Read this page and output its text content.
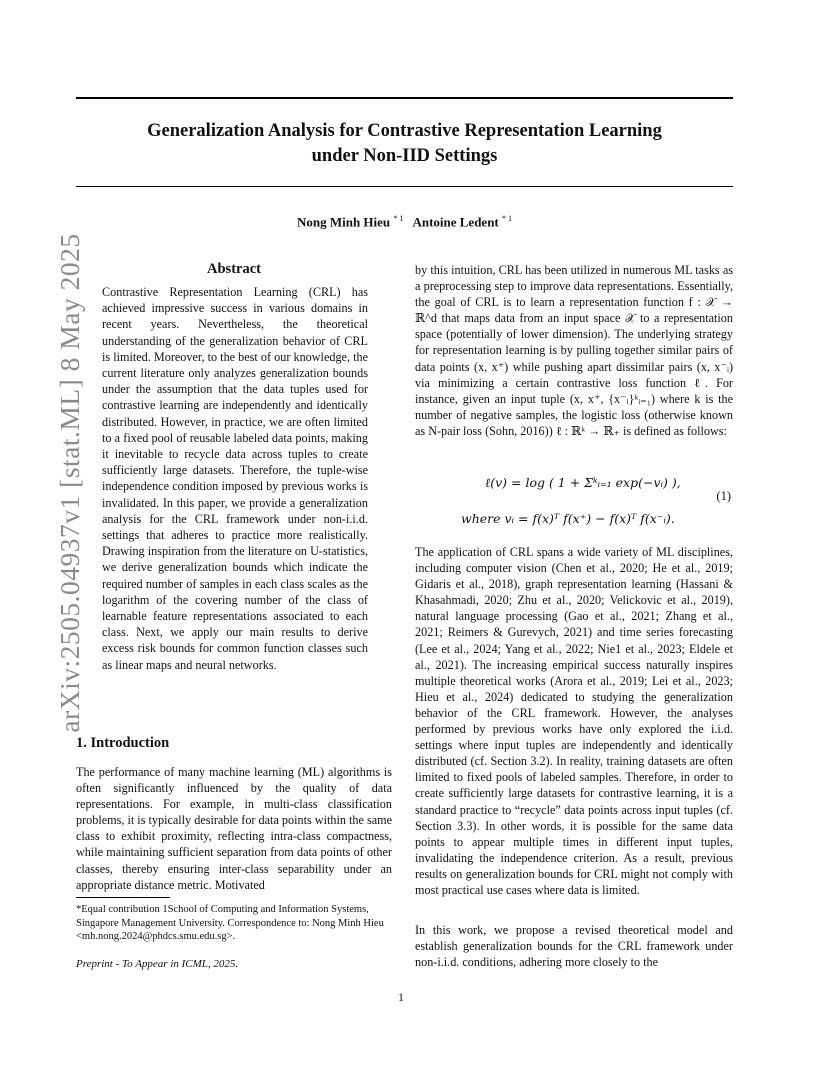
Generalization Analysis for Contrastive Representation Learning
under Non-IID Settings
Nong Minh Hieu $^{* 1}$ Antoine Ledent $^{* 1}$
arXiv:2505.04937v1 [stat.ML] 8 May 2025	Abstract
Contrastive Representation Learning (CRL) has achieved impressive success in various domains in recent years. Nevertheless, the theoretical understanding of the generalization behavior of CRL is limited. Moreover, to the best of our knowledge, the current literature only analyzes generalization bounds under the assumption that the data tuples used for contrastive learning are independently and identically distributed. However, in practice, we are often limited to a fixed pool of reusable labeled data points, making it inevitable to recycle data across tuples to create sufficiently large datasets. Therefore, the tuple-wise independence condition imposed by previous works is invalidated. In this paper, we provide a generalization analysis for the CRL framework under non-i.i.d. settings that adheres to practice more realistically. Drawing inspiration from the literature on U-statistics, we derive generalization bounds which indicate the required number of samples in each class scales as the logarithm of the covering number of the class of learnable feature representations associated to each class. Next, we apply our main results to derive excess risk bounds for common function classes such as linear maps and neural networks.
1. Introduction
The performance of many machine learning (ML) algorithms is often significantly influenced by the quality of data representations. For example, in multi-class classification problems, it is typically desirable for data points within the same class to exhibit proximity, reflecting intra-class compactness, while maintaining sufficient separation from data points of other classes, thereby ensuring inter-class separability under an appropriate distance metric. Motivated
*Equal contribution 1School of Computing and Information Systems, Singapore Management University. Correspondence to: Nong Minh Hieu <mh.nong.2024@phdcs.smu.edu.sg>.
Preprint - To Appear in ICML, 2025.
by this intuition, CRL has been utilized in numerous ML tasks as a preprocessing step to improve data representations. Essentially, the goal of CRL is to learn a representation function f : 𝒳 → ℝ^d that maps data from an input space 𝒳 to a representation space (potentially of lower dimension). The underlying strategy for representation learning is by pulling together similar pairs of data points (x, x⁺) while pushing apart dissimilar pairs (x, x⁻ᵢ) via minimizing a certain contrastive loss function ℓ. For instance, given an input tuple (x, x⁺, {x⁻ᵢ}ᵏᵢ₌₁) where k is the number of negative samples, the logistic loss (otherwise known as N-pair loss (Sohn, 2016)) ℓ : ℝᵏ → ℝ₊ is defined as follows:
ℓ(v) = log ( 1 + Σᵏᵢ₌₁ exp(−vᵢ) ),
where vᵢ = f(x)ᵀ f(x⁺) − f(x)ᵀ f(x⁻ᵢ).
(1)
The application of CRL spans a wide variety of ML disciplines, including computer vision (Chen et al., 2020; He et al., 2019; Gidaris et al., 2018), graph representation learning (Hassani & Khasahmadi, 2020; Zhu et al., 2020; Velickovic et al., 2019), natural language processing (Gao et al., 2021; Zhang et al., 2021; Reimers & Gurevych, 2021) and time series forecasting (Lee et al., 2024; Yang et al., 2022; Nie1 et al., 2023; Eldele et al., 2021). The increasing empirical success naturally inspires multiple theoretical works (Arora et al., 2019; Lei et al., 2023; Hieu et al., 2024) dedicated to studying the generalization behavior of the CRL framework. However, the analyses performed by previous works have only explored the i.i.d. settings where input tuples are independently and identically distributed (cf. Section 3.2). In reality, training datasets are often limited to fixed pools of labeled samples. Therefore, in order to create sufficiently large datasets for contrastive learning, it is a standard practice to “recycle” data points across input tuples (cf. Section 3.3). In other words, it is possible for the same data points to appear multiple times in different input tuples, invalidating the independence criterion. As a result, previous results on generalization bounds for CRL might not comply with most practical use cases where data is limited.
In this work, we propose a revised theoretical model and establish generalization bounds for the CRL framework under non-i.i.d. conditions, adhering more closely to the
1
